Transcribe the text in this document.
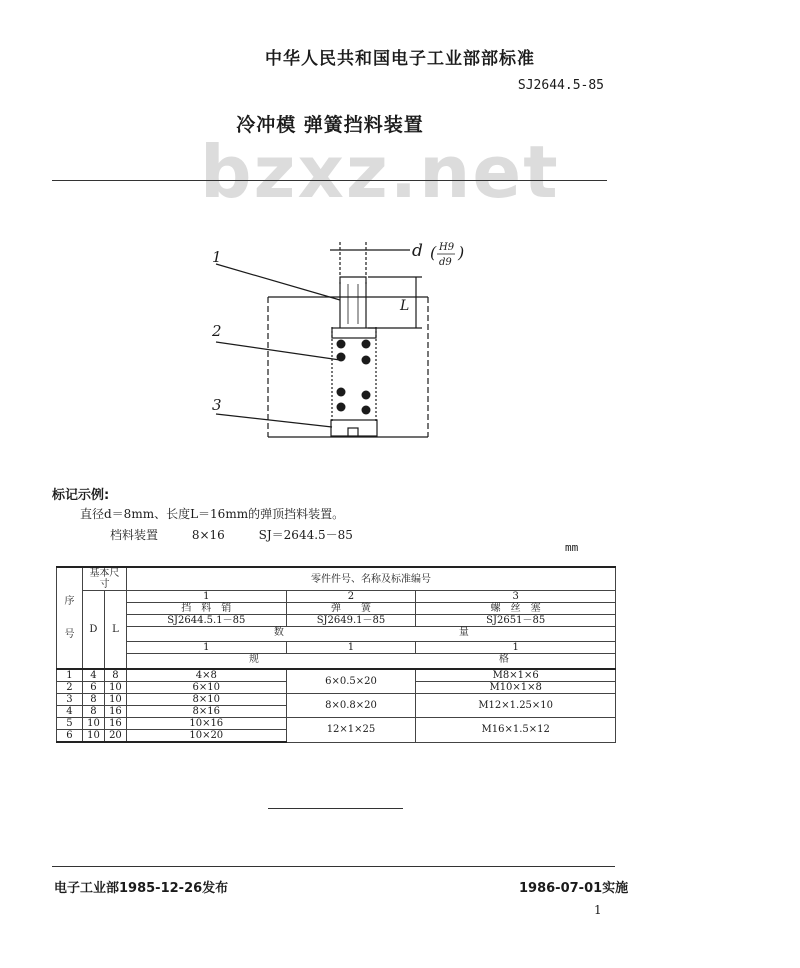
中华人民共和国电子工业部部标准
SJ2644.5-85
冷冲模 弹簧挡料装置
bzxz.net
1
2
3
d ( H9
d9
)
L
标记示例:
直径d＝8mm、长度L＝16mm的弹顶挡料装置。
档料装置	8×16	SJ＝2644.5－85
mm
序

号	基本尺寸		零件件号、名称及标准编号		
	D	L	1	2	3
			挡　料　销	弹　　簧	螺　丝　塞
			SJ2644.5.1－85	SJ2649.1－85	SJ2651－85

			数 量		

			1	1	1

			规 格		

1	4	8	4×8	6×0.5×20	M8×1×6
2	6	10	6×10		M10×1×8
3	8	10	8×10	8×0.8×20	M12×1.25×10
4	8	16	8×16		
5	10	16	10×16	12×1×25	M16×1.5×12
6	10	20	10×20		
电子工业部1985-12-26发布	1986-07-01实施
1
